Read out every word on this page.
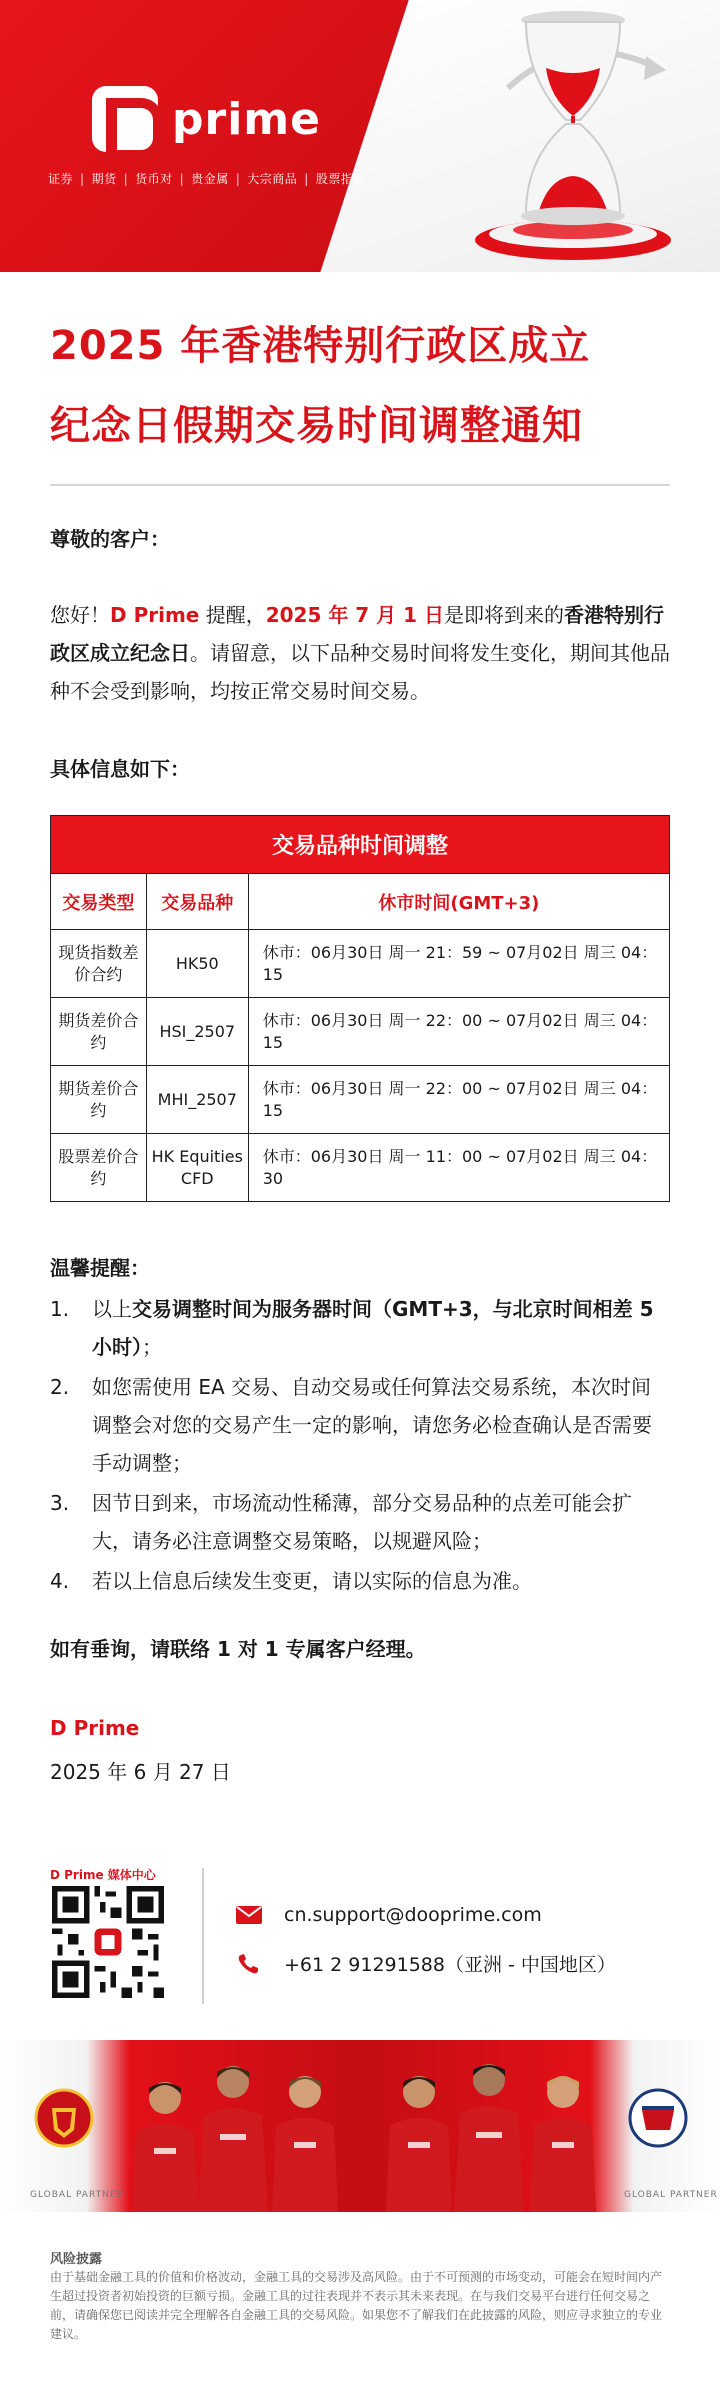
prime
证券 | 期货 | 货币对 | 贵金属 | 大宗商品 | 股票指数
2025 年香港特别行政区成立
纪念日假期交易时间调整通知
尊敬的客户：
您好！D Prime 提醒，2025 年 7 月 1 日是即将到来的香港特别行政区成立纪念日。请留意，以下品种交易时间将发生变化，期间其他品种不会受到影响，均按正常交易时间交易。
具体信息如下：
交易品种时间调整		
交易类型	交易品种	休市时间(GMT+3)
现货指数差价合约	HK50	休市：06月30日 周一 21：59 ~ 07月02日 周三 04：15
期货差价合约	HSI_2507	休市：06月30日 周一 22：00 ~ 07月02日 周三 04：15
期货差价合约	MHI_2507	休市：06月30日 周一 22：00 ~ 07月02日 周三 04：15
股票差价合约	HK Equities CFD	休市：06月30日 周一 11：00 ~ 07月02日 周三 04：30
温馨提醒：
1. 以上交易调整时间为服务器时间（GMT+3，与北京时间相差 5 小时）；
2. 如您需使用 EA 交易、自动交易或任何算法交易系统，本次时间调整会对您的交易产生一定的影响，请您务必检查确认是否需要手动调整；
3. 因节日到来，市场流动性稀薄，部分交易品种的点差可能会扩大，请务必注意调整交易策略，以规避风险；
4. 若以上信息后续发生变更，请以实际的信息为准。
如有垂询，请联络 1 对 1 专属客户经理。
D Prime
2025 年 6 月 27 日
D Prime 媒体中心
cn.support@dooprime.com
+61 2 91291588（亚洲 - 中国地区）
GLOBAL PARTNER	GLOBAL PARTNER
风险披露
由于基础金融工具的价值和价格波动，金融工具的交易涉及高风险。由于不可预测的市场变动，可能会在短时间内产生超过投资者初始投资的巨额亏损。金融工具的过往表现并不表示其未来表现。在与我们交易平台进行任何交易之前，请确保您已阅读并完全理解各自金融工具的交易风险。如果您不了解我们在此披露的风险，则应寻求独立的专业建议。
